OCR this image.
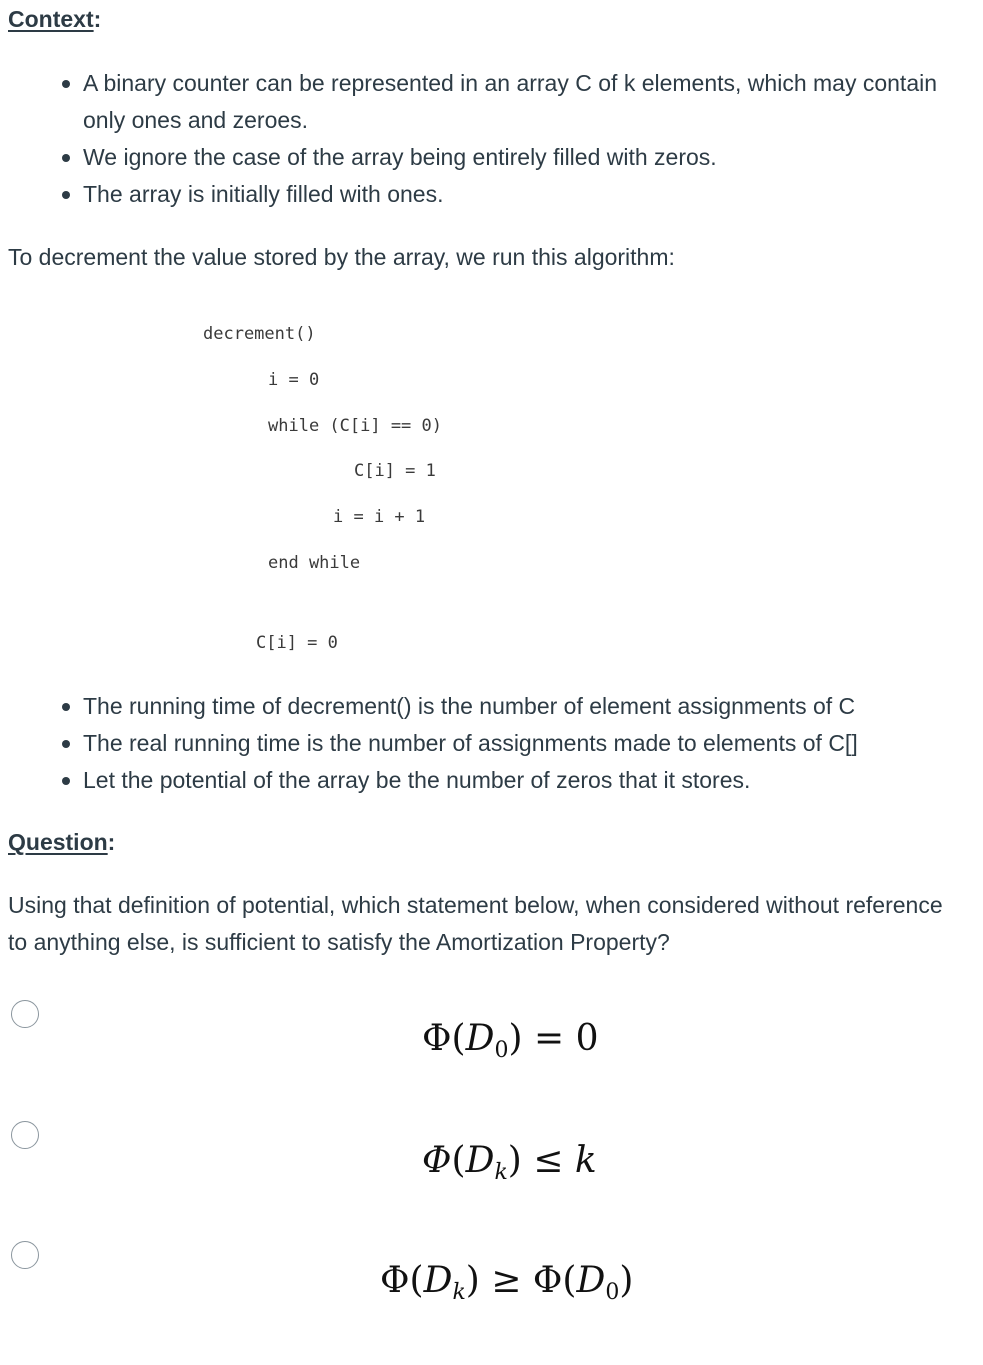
Context:
A binary counter can be represented in an array C of k elements, which may contain only ones and zeroes.
We ignore the case of the array being entirely filled with zeros.
The array is initially filled with ones.
To decrement the value stored by the array, we run this algorithm:
decrement()
i = 0
while (C[i] == 0)
C[i] = 1
i = i + 1
end while
C[i] = 0
The running time of decrement() is the number of element assignments of C
The real running time is the number of assignments made to elements of C[]
Let the potential of the array be the number of zeros that it stores.
Question:
Using that definition of potential, which statement below, when considered without reference to anything else, is sufficient to satisfy the Amortization Property?
$\Phi(D_0) = 0$
$\Phi(D_k) \le k$
$\Phi(D_k) \ge \Phi(D_0)$
